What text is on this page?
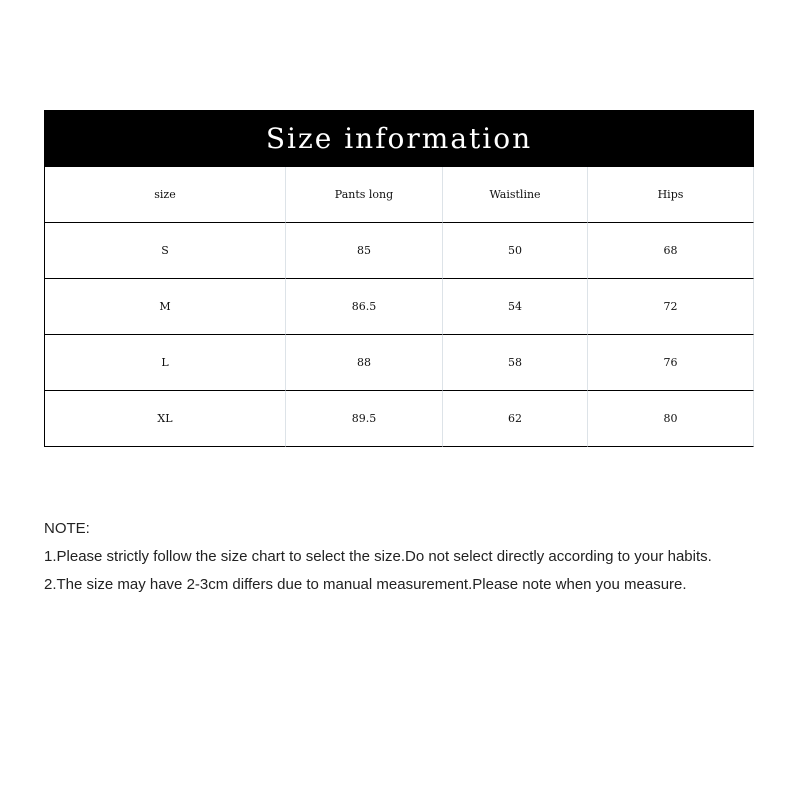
Size information
size	Pants long	Waistline	Hips
S	85	50	68
M	86.5	54	72
L	88	58	76
XL	89.5	62	80
NOTE:
1.Please strictly follow the size chart to select the size.Do not select directly according to your habits.
2.The size may have 2-3cm differs due to manual measurement.Please note when you measure.
